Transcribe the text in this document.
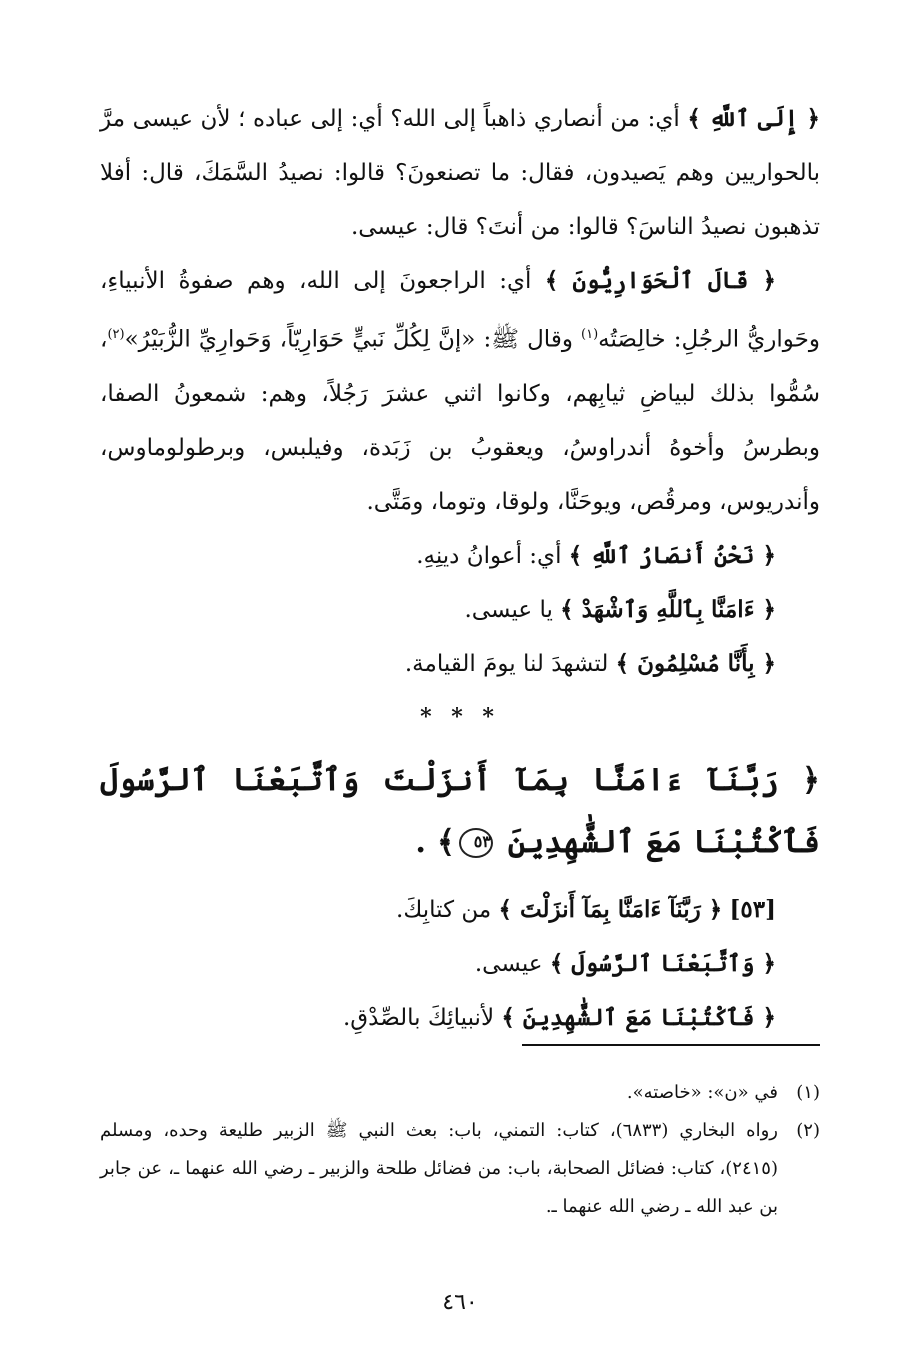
﴿ إِلَى ٱللَّهِ ﴾ أي: من أنصاري ذاهباً إلى الله؟ أي: إلى عباده ؛ لأن عيسى مرَّ بالحواريين وهم يَصيدون، فقال: ما تصنعونَ؟ قالوا: نصيدُ السَّمَكَ، قال: أفلا تذهبون نصيدُ الناسَ؟ قالوا: من أنتَ؟ قال: عيسى.

﴿ قَالَ ٱلْحَوَارِيُّونَ ﴾ أي: الراجعونَ إلى الله، وهم صفوةُ الأنبياءِ، وحَواريُّ الرجُلِ: خالِصَتُه$^{(١)}$ وقال ﷺ: «إنَّ لِكُلِّ نَبيٍّ حَوَارِيّاً، وَحَوارِيِّ الزُّبَيْرُ»$^{(٢)}$، سُمُّوا بذلك لبياضِ ثيابِهم، وكانوا اثني عشرَ رَجُلاً، وهم: شمعونُ الصفا، وبطرسُ وأخوهُ أندراوسُ، ويعقوبُ بن زَبَدة، وفيلبس، وبرطولوماوس، وأندريوس، ومرقُص، ويوحَنَّا، ولوقا، وتوما، ومَتَّى.

﴿ نَحْنُ أَنصَارُ ٱللَّهِ ﴾ أي: أعوانُ دينِهِ.
﴿ ءَامَنَّا بِٱللَّهِ وَٱشْهَدْ ﴾ يا عيسى.
﴿ بِأَنَّا مُسْلِمُونَ ﴾ لتشهدَ لنا يومَ القيامة.
* * *

﴿ رَبَّنَآ ءَامَنَّا بِمَآ أَنزَلْتَ وَٱتَّبَعْنَا ٱلرَّسُولَ فَٱكْتُبْنَا مَعَ ٱلشَّٰهِدِينَ ٥٣﴾ .

[٥٣] ﴿ رَبَّنَآ ءَامَنَّا بِمَآ أَنزَلْتَ ﴾ من كتابِكَ.
﴿ وَٱتَّبَعْنَا ٱلرَّسُولَ ﴾ عيسى.
﴿ فَٱكْتُبْنَا مَعَ ٱلشَّٰهِدِينَ ﴾ لأنبيائِكَ بالصِّدْقِ.
(١)
في «ن»: «خاصته».
(٢)
رواه البخاري (٦٨٣٣)، كتاب: التمني، باب: بعث النبي ﷺ الزبير طليعة وحده، ومسلم (٢٤١٥)، كتاب: فضائل الصحابة، باب: من فضائل طلحة والزبير ـ رضي الله عنهما ـ، عن جابر بن عبد الله ـ رضي الله عنهما ـ.
٤٦٠
